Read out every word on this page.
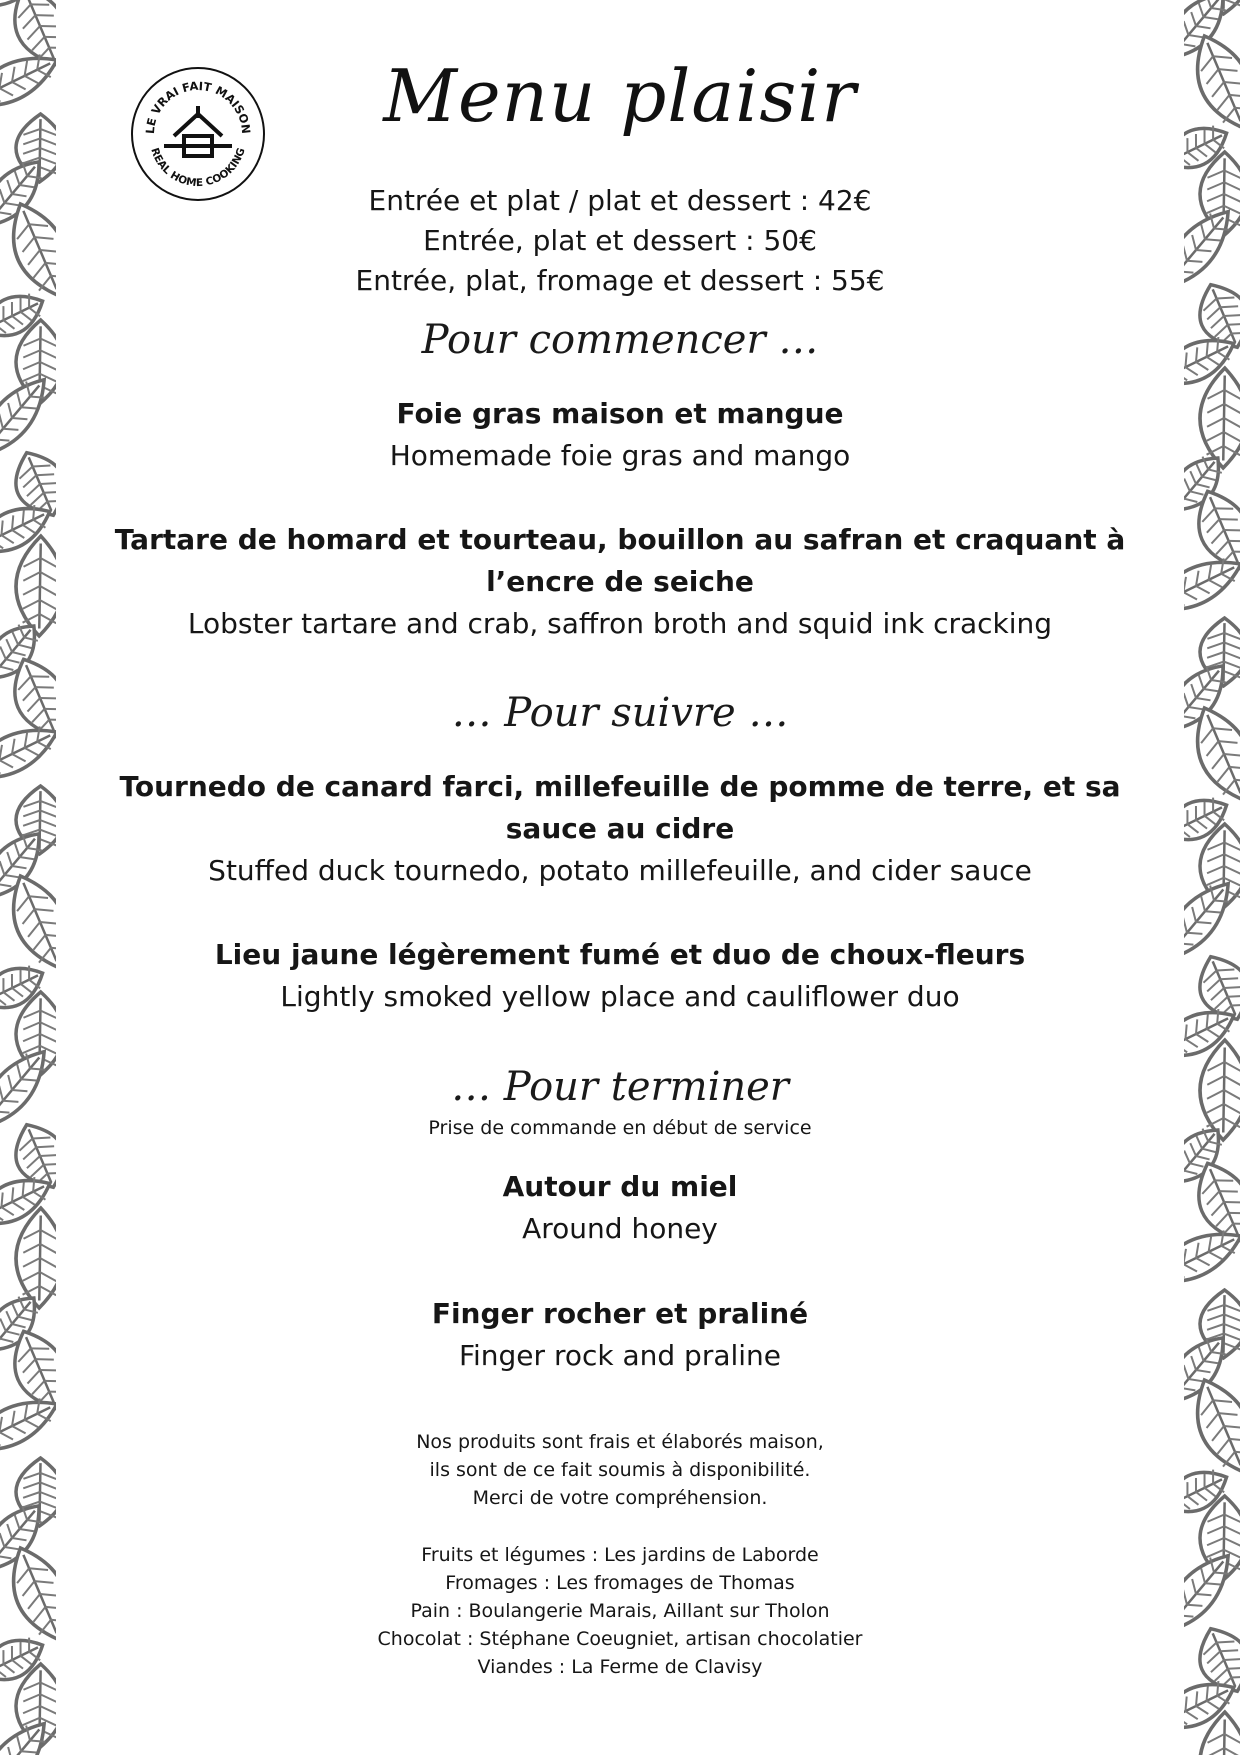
LE VRAI FAIT MAISON
REAL HOME COOKING
Menu plaisir
Entrée et plat / plat et dessert : 42€
Entrée, plat et dessert : 50€
Entrée, plat, fromage et dessert : 55€
Pour commencer …
Foie gras maison et mangue
Homemade foie gras and mango
Tartare de homard et tourteau, bouillon au safran et craquant à l’encre de seiche
Lobster tartare and crab, saffron broth and squid ink cracking
… Pour suivre …
Tournedo de canard farci, millefeuille de pomme de terre, et sa sauce au cidre
Stuffed duck tournedo, potato millefeuille, and cider sauce
Lieu jaune légèrement fumé et duo de choux-fleurs
Lightly smoked yellow place and cauliflower duo
… Pour terminer
Prise de commande en début de service
Autour du miel
Around honey
Finger rocher et praliné
Finger rock and praline
Nos produits sont frais et élaborés maison,
ils sont de ce fait soumis à disponibilité.
Merci de votre compréhension.
Fruits et légumes : Les jardins de Laborde
Fromages : Les fromages de Thomas
Pain : Boulangerie Marais, Aillant sur Tholon
Chocolat : Stéphane Coeugniet, artisan chocolatier
Viandes : La Ferme de Clavisy
